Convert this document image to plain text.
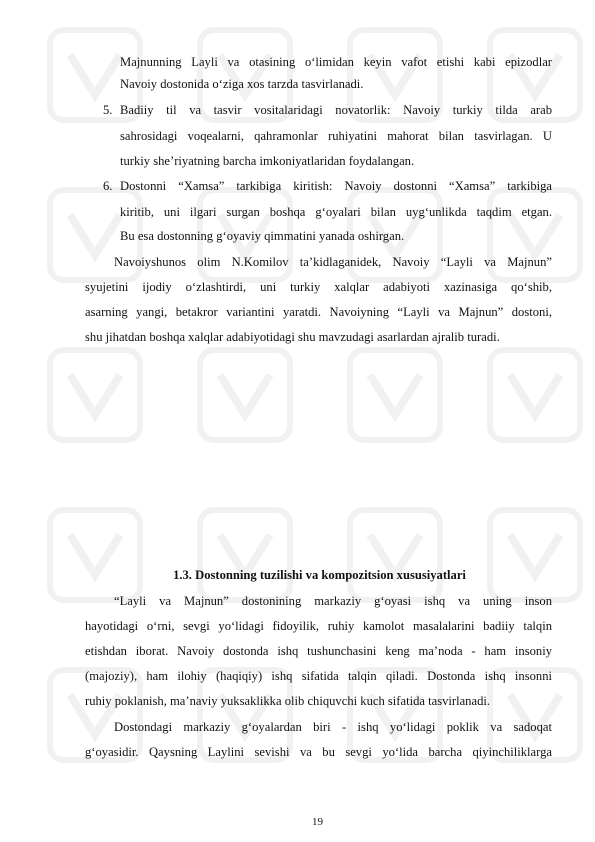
Majnunning Layli va otasining o‘limidan keyin vafot etishi kabi epizodlar
Navoiy dostonida o‘ziga xos tarzda tasvirlanadi.
5. Badiiy til va tasvir vositalaridagi novatorlik: Navoiy turkiy tilda arab
sahrosidagi voqealarni, qahramonlar ruhiyatini mahorat bilan tasvirlagan. U
turkiy she’riyatning barcha imkoniyatlaridan foydalangan.
6. Dostonni “Xamsa” tarkibiga kiritish: Navoiy dostonni “Xamsa” tarkibiga
kiritib, uni ilgari surgan boshqa g‘oyalari bilan uyg‘unlikda taqdim etgan.
Bu esa dostonning g‘oyaviy qimmatini yanada oshirgan.
Navoiyshunos olim N.Komilov ta’kidlaganidek, Navoiy “Layli va Majnun”
syujetini ijodiy o‘zlashtirdi, uni turkiy xalqlar adabiyoti xazinasiga qo‘shib,
asarning yangi, betakror variantini yaratdi. Navoiyning “Layli va Majnun” dostoni,
shu jihatdan boshqa xalqlar adabiyotidagi shu mavzudagi asarlardan ajralib turadi.
1.3. Dostonning tuzilishi va kompozitsion xususiyatlari
“Layli va Majnun” dostonining markaziy g‘oyasi ishq va uning inson
hayotidagi o‘rni, sevgi yo‘lidagi fidoyilik, ruhiy kamolot masalalarini badiiy talqin
etishdan iborat. Navoiy dostonda ishq tushunchasini keng ma’noda - ham insoniy
(majoziy), ham ilohiy (haqiqiy) ishq sifatida talqin qiladi. Dostonda ishq insonni
ruhiy poklanish, ma’naviy yuksaklikka olib chiquvchi kuch sifatida tasvirlanadi.
Dostondagi markaziy g‘oyalardan biri - ishq yo‘lidagi poklik va sadoqat
g‘oyasidir. Qaysning Laylini sevishi va bu sevgi yo‘lida barcha qiyinchiliklarga
19
